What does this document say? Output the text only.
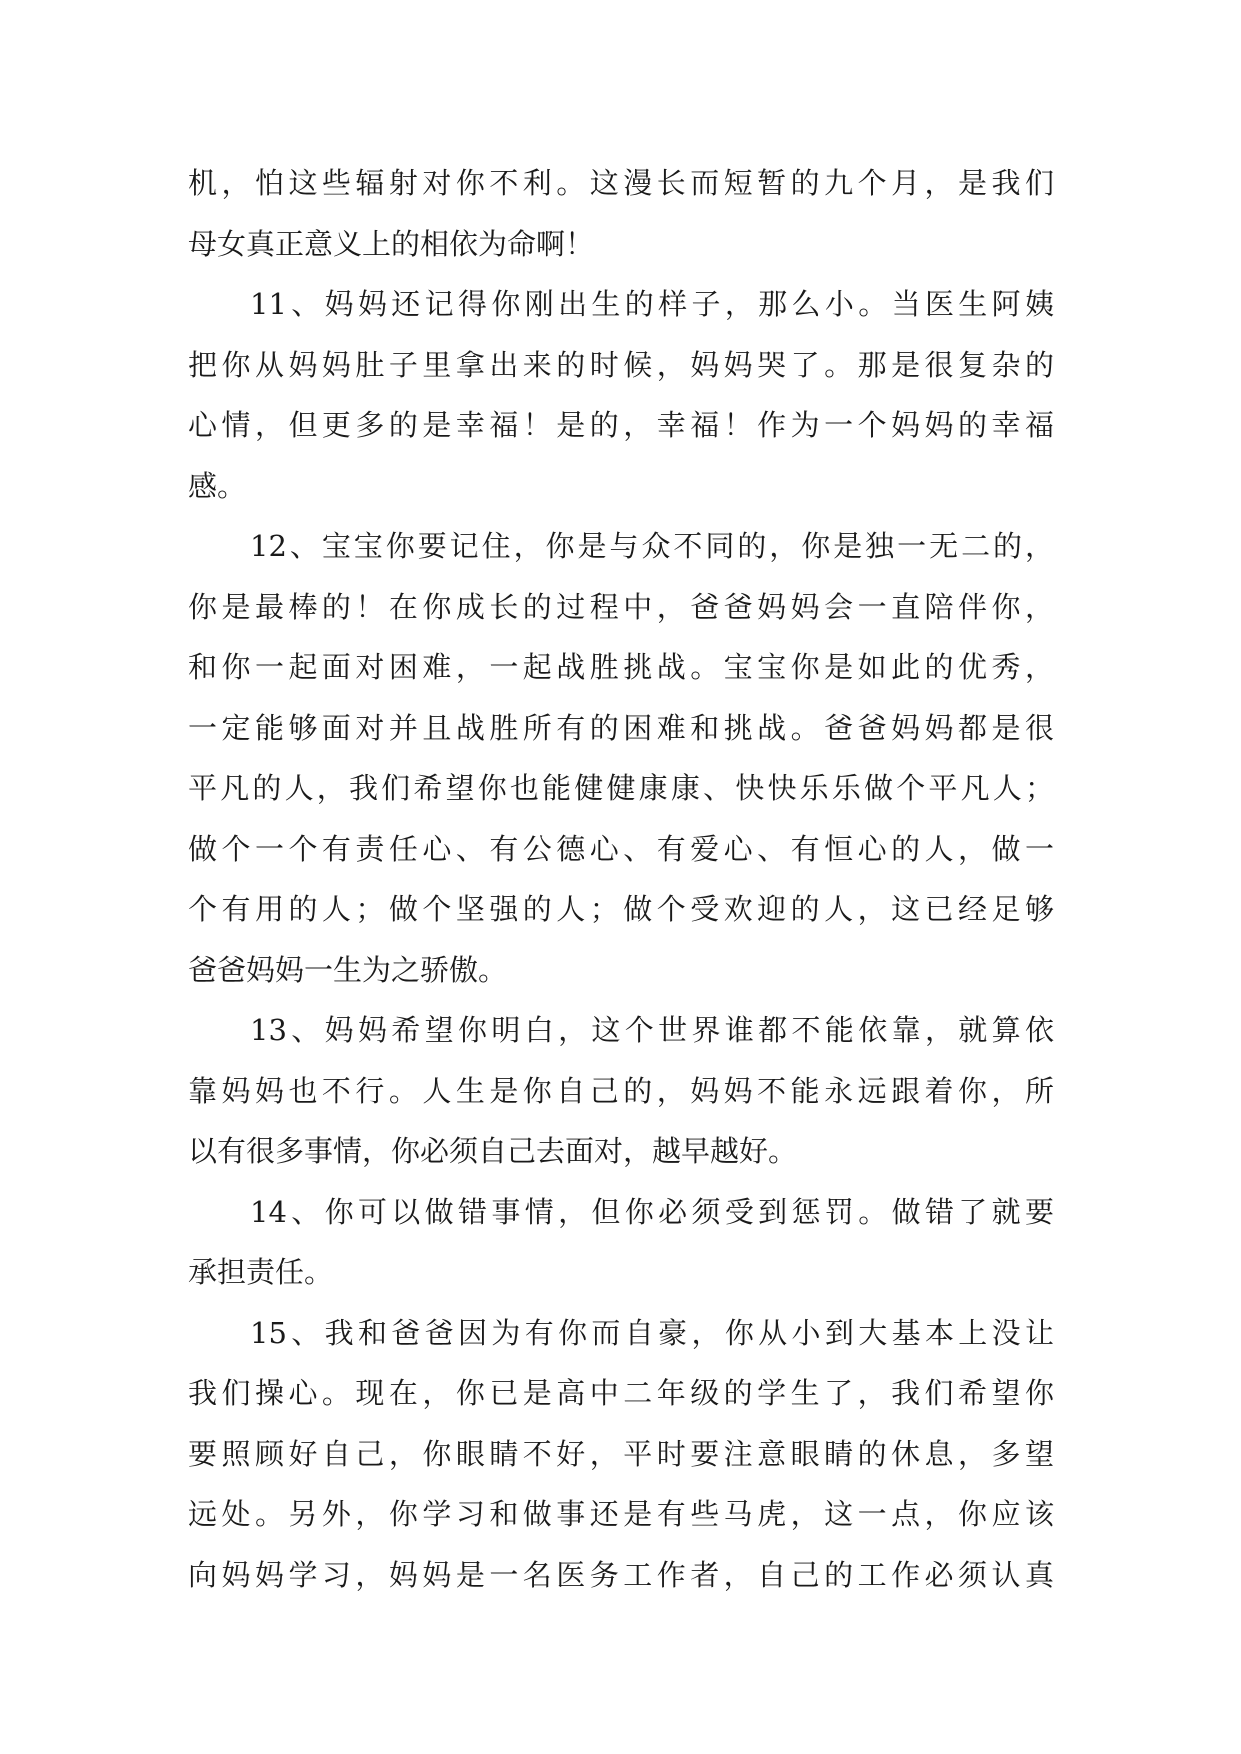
机，怕这些辐射对你不利。这漫长而短暂的九个月，是我们
母女真正意义上的相依为命啊！

11、妈妈还记得你刚出生的样子，那么小。当医生阿姨
把你从妈妈肚子里拿出来的时候，妈妈哭了。那是很复杂的
心情，但更多的是幸福！是的，幸福！作为一个妈妈的幸福
感。

12、宝宝你要记住，你是与众不同的，你是独一无二的，
你是最棒的！在你成长的过程中，爸爸妈妈会一直陪伴你，
和你一起面对困难，一起战胜挑战。宝宝你是如此的优秀，
一定能够面对并且战胜所有的困难和挑战。爸爸妈妈都是很
平凡的人，我们希望你也能健健康康、快快乐乐做个平凡人；
做个一个有责任心、有公德心、有爱心、有恒心的人，做一
个有用的人；做个坚强的人；做个受欢迎的人，这已经足够
爸爸妈妈一生为之骄傲。

13、妈妈希望你明白，这个世界谁都不能依靠，就算依
靠妈妈也不行。人生是你自己的，妈妈不能永远跟着你，所
以有很多事情，你必须自己去面对，越早越好。

14、你可以做错事情，但你必须受到惩罚。做错了就要
承担责任。

15、我和爸爸因为有你而自豪，你从小到大基本上没让
我们操心。现在，你已是高中二年级的学生了，我们希望你
要照顾好自己，你眼睛不好，平时要注意眼睛的休息，多望
远处。另外，你学习和做事还是有些马虎，这一点，你应该
向妈妈学习，妈妈是一名医务工作者，自己的工作必须认真
